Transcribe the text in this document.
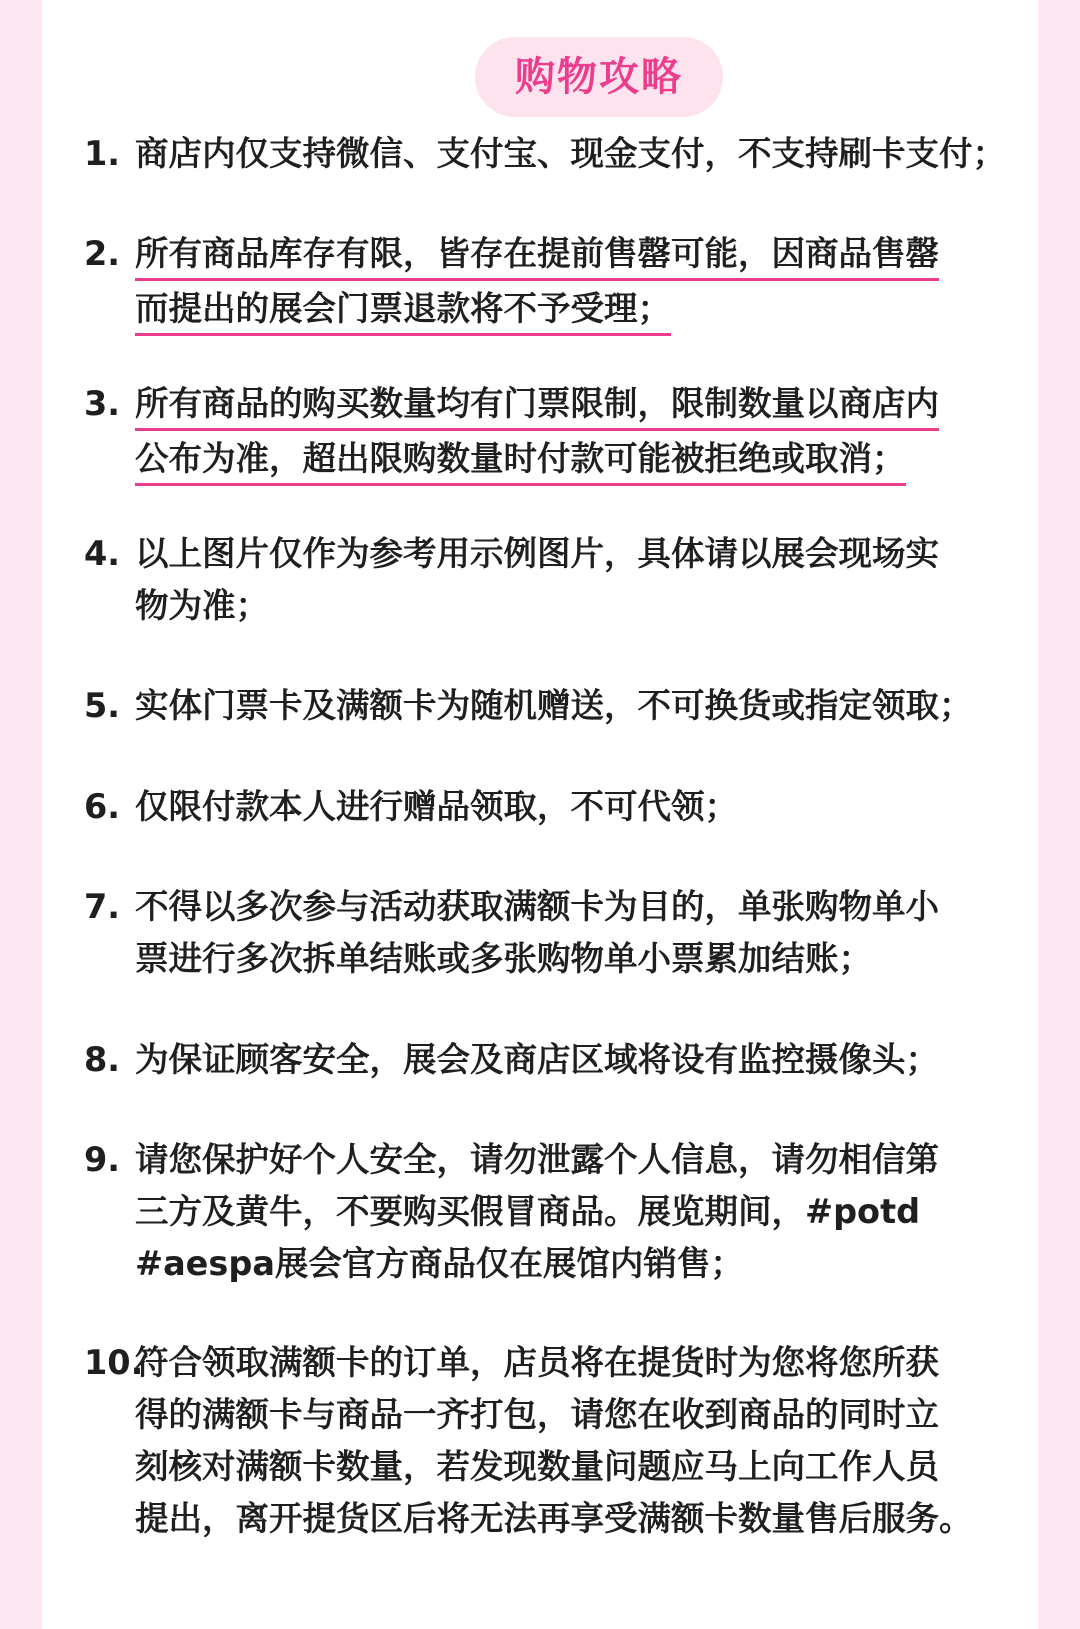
购物攻略
1. 商店内仅支持微信、支付宝、现金支付，不支持刷卡支付；
2. 所有商品库存有限，皆存在提前售罄可能，因商品售罄
而提出的展会门票退款将不予受理；
3. 所有商品的购买数量均有门票限制，限制数量以商店内
公布为准，超出限购数量时付款可能被拒绝或取消；
4. 以上图片仅作为参考用示例图片，具体请以展会现场实
物为准；
5. 实体门票卡及满额卡为随机赠送，不可换货或指定领取；
6. 仅限付款本人进行赠品领取，不可代领；
7. 不得以多次参与活动获取满额卡为目的，单张购物单小
票进行多次拆单结账或多张购物单小票累加结账；
8. 为保证顾客安全，展会及商店区域将设有监控摄像头；
9. 请您保护好个人安全，请勿泄露个人信息，请勿相信第
三方及黄牛，不要购买假冒商品。展览期间，#potd
#aespa展会官方商品仅在展馆内销售；
10.
符合领取满额卡的订单，店员将在提货时为您将您所获
得的满额卡与商品一齐打包，请您在收到商品的同时立
刻核对满额卡数量，若发现数量问题应马上向工作人员
提出，离开提货区后将无法再享受满额卡数量售后服务。
